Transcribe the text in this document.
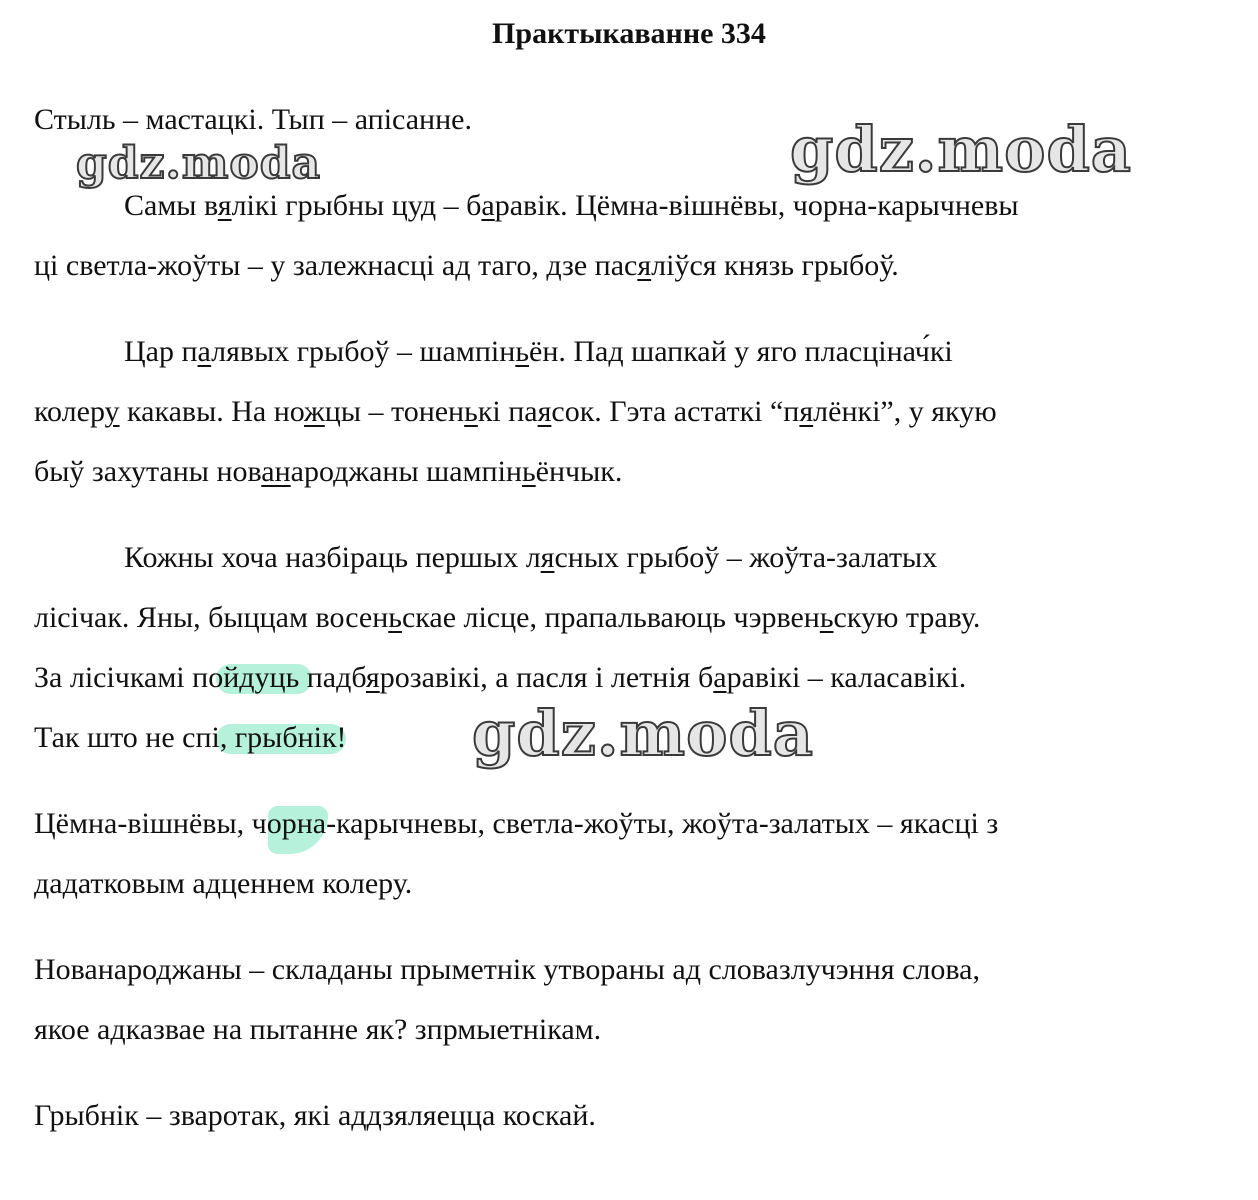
Практыкаванне 334
Стыль – мастацкі. Тып – апісанне.
Самы вялікі грыбны цуд – баравік. Цёмна-вішнёвы, чорна-карычневы
ці светла-жоўты – у залежнасці ад таго, дзе пасяліўся князь грыбоў.
Цар палявых грыбоў – шампіньён. Пад шапкай у яго пласцінач́кі
колеру какавы. На ножцы – тоненькі паясок. Гэта астаткі “пялёнкі”, у якую
быў захутаны нованароджаны шампіньёнчык.
Кожны хоча назбіраць першых лясных грыбоў – жоўта-залатых
лісічак. Яны, быццам восеньскае лісце, прапальваюць чэрвеньскую траву.
За лісічкамі пойдуць падбярозавікі, а пасля і летнія баравікі – каласавікі.
Так што не спі, грыбнік!
Цёмна-вішнёвы, чорна-карычневы, светла-жоўты, жоўта-залатых – якасці з
дадатковым адценнем колеру.
Нованароджаны – складаны прыметнік утвораны ад словазлучэння слова,
якое адказвае на пытанне як? зпрмыетнікам.
Грыбнік – зваротак, які аддзяляецца коскай.
gdz.moda	gdz.moda
gdz.moda
